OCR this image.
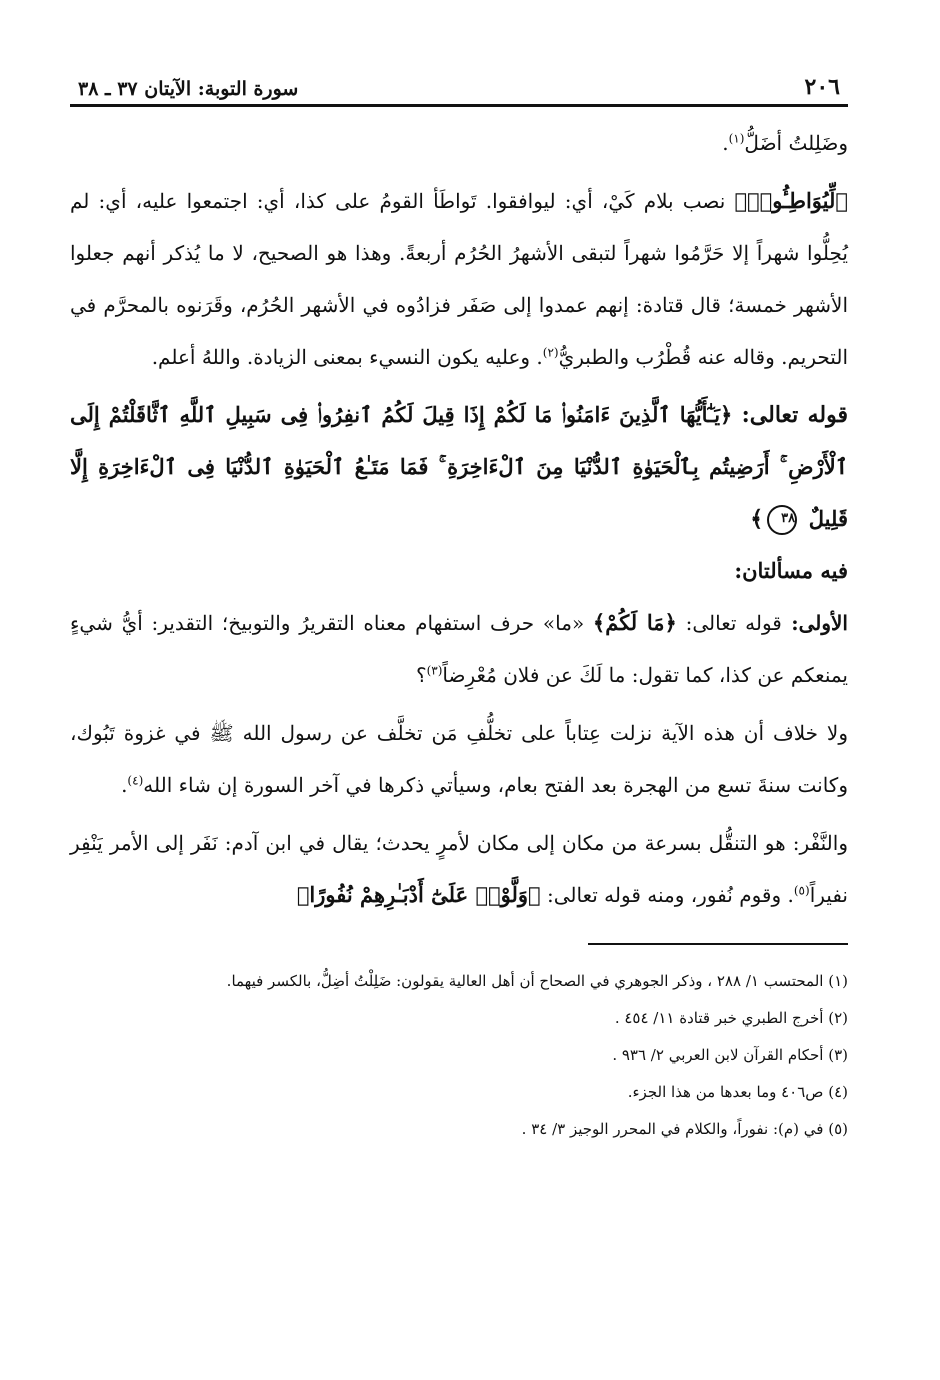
٢٠٦
سورة التوبة: الآيتان ٣٧ ـ ٣٨

وضَلِلتُ أضَلُّ$^{(١)}$.

﴿لِّيُوَاطِـُٔوا۟﴾ نصب بلام كَيْ، أي: ليوافقوا. تَواطَأ القومُ على كذا، أي: اجتمعوا عليه، أي: لم يُحِلُّوا شهراً إلا حَرَّمُوا شهراً لتبقى الأشهرُ الحُرُم أربعةً. وهذا هو الصحيح، لا ما يُذكر أنهم جعلوا الأشهر خمسة؛ قال قتادة: إنهم عمدوا إلى صَفَر فزادُوه في الأشهر الحُرُم، وقَرَنوه بالمحرَّم في التحريم. وقاله عنه قُطْرُب والطبريُّ$^{(٢)}$. وعليه يكون النسيء بمعنى الزيادة. واللهُ أعلم.

قوله تعالى: ﴿يَـٰٓأَيُّهَا ٱلَّذِينَ ءَامَنُوا۟ مَا لَكُمْ إِذَا قِيلَ لَكُمُ ٱنفِرُوا۟ فِى سَبِيلِ ٱللَّهِ ٱثَّاقَلْتُمْ إِلَى ٱلْأَرْضِ ۚ أَرَضِيتُم بِٱلْحَيَوٰةِ ٱلدُّنْيَا مِنَ ٱلْءَاخِرَةِ ۚ فَمَا مَتَـٰعُ ٱلْحَيَوٰةِ ٱلدُّنْيَا فِى ٱلْءَاخِرَةِ إِلَّا قَلِيلٌ ٣٨﴾

فيه مسألتان:

الأولى: قوله تعالى: ﴿مَا لَكُمْ﴾ «ما» حرف استفهام معناه التقريرُ والتوبيخ؛ التقدير: أيُّ شيءٍ يمنعكم عن كذا، كما تقول: ما لَكَ عن فلان مُعْرِضاً$^{(٣)}$؟

ولا خلاف أن هذه الآية نزلت عِتاباً على تخلُّفِ مَن تخلَّف عن رسول الله ﷺ في غزوة تَبُوك، وكانت سنةَ تسع من الهجرة بعد الفتح بعام، وسيأتي ذكرها في آخر السورة إن شاء الله$^{(٤)}$.

والنَّفْر: هو التنقُّل بسرعة من مكان إلى مكان لأمرٍ يحدث؛ يقال في ابن آدم: نَفَر إلى الأمر يَنْفِر نفيراً$^{(٥)}$. وقوم نُفور، ومنه قوله تعالى: ﴿وَلَّوْا۟ عَلَىٰٓ أَدْبَـٰرِهِمْ نُفُورًا﴾

(١) المحتسب ١/ ٢٨٨ ، وذكر الجوهري في الصحاح أن أهل العالية يقولون: ضَلِلْتُ أضِلُّ، بالكسر فيهما.

(٢) أخرج الطبري خبر قتادة ١١/ ٤٥٤ .

(٣) أحكام القرآن لابن العربي ٢/ ٩٣٦ .

(٤) ص٤٠٦ وما بعدها من هذا الجزء.

(٥) في (م): نفوراً، والكلام في المحرر الوجيز ٣/ ٣٤ .
